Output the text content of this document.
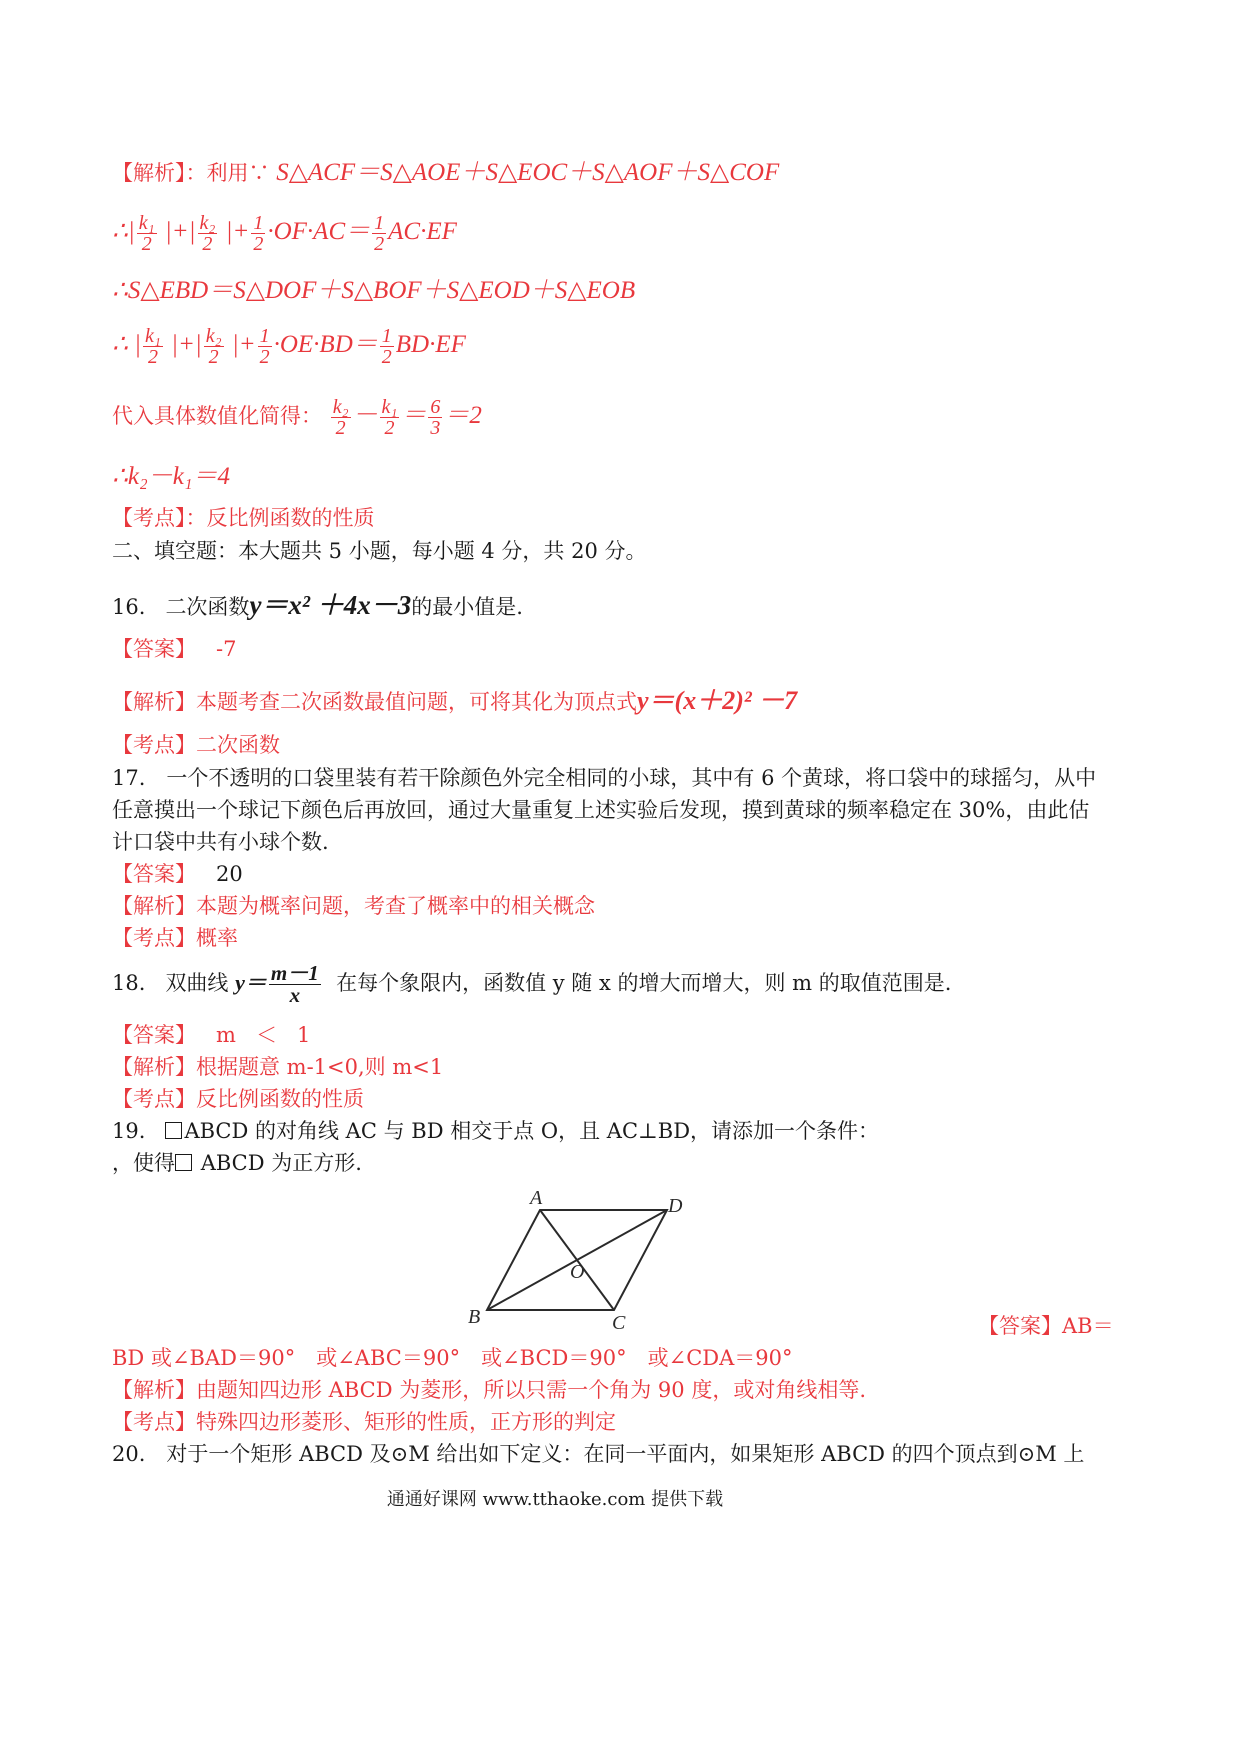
【解析】：利用∵ S△ACF＝S△AOE＋S△EOC＋S△AOF＋S△COF
∴| $\frac{\text{k₁}}{2}$ |+| $\frac{\text{k₂}}{2}$ |+ $\frac{1}{2} \cdot OF\cdot AC= \frac{1}{2} AC\cdot EF$
∴S△EBD＝S△DOF＋S△BOF＋S△EOD＋S△EOB
∴ | $\frac{\text{k₁}}{2}$ |+| $\frac{\text{k₂}}{2}$ |+ $\frac{1}{2} \cdot OE\cdot BD= \frac{1}{2} BD\cdot EF$
代入具体数值化简得： $\frac{\text{k₂}}{2} - \frac{\text{k₁}}{2} = \frac{6}{3} =2$
∴k₂－k₁＝4
【考点】：反比例函数的性质
二、填空题：本大题共 5 小题，每小题 4 分，共 20 分。
16. 二次函数y＝x² ＋4x－3的最小值是.
【答案】 -7
【解析】本题考查二次函数最值问题，可将其化为顶点式y＝(x＋2)² －7
【考点】二次函数
17.　一个不透明的口袋里装有若干除颜色外完全相同的小球，其中有 6 个黄球，将口袋中的球摇匀，从中
任意摸出一个球记下颜色后再放回，通过大量重复上述实验后发现，摸到黄球的频率稳定在 30%，由此估
计口袋中共有小球个数.
【答案】 20
【解析】本题为概率问题，考查了概率中的相关概念
【考点】概率
18. 双曲线 $y= \frac{m-1}{x}$ 在每个象限内，函数值 y 随 x 的增大而增大，则 m 的取值范围是.
【答案】 m   ＜   1
【解析】根据题意 m-1<0,则 m<1
【考点】反比例函数的性质
19. ABCD 的对角线 AC 与 BD 相交于点 O，且 AC⊥BD，请添加一个条件：
，使得 ABCD 为正方形.
A	D
B	C
O
【答案】AB＝
BD 或∠BAD＝90°　或∠ABC＝90°　或∠BCD＝90°　或∠CDA＝90°
【解析】由题知四边形 ABCD 为菱形，所以只需一个角为 90 度，或对角线相等.
【考点】特殊四边形菱形、矩形的性质，正方形的判定
20.　对于一个矩形 ABCD 及⊙M 给出如下定义：在同一平面内，如果矩形 ABCD 的四个顶点到⊙M 上
通通好课网 www.tthaoke.com 提供下载
